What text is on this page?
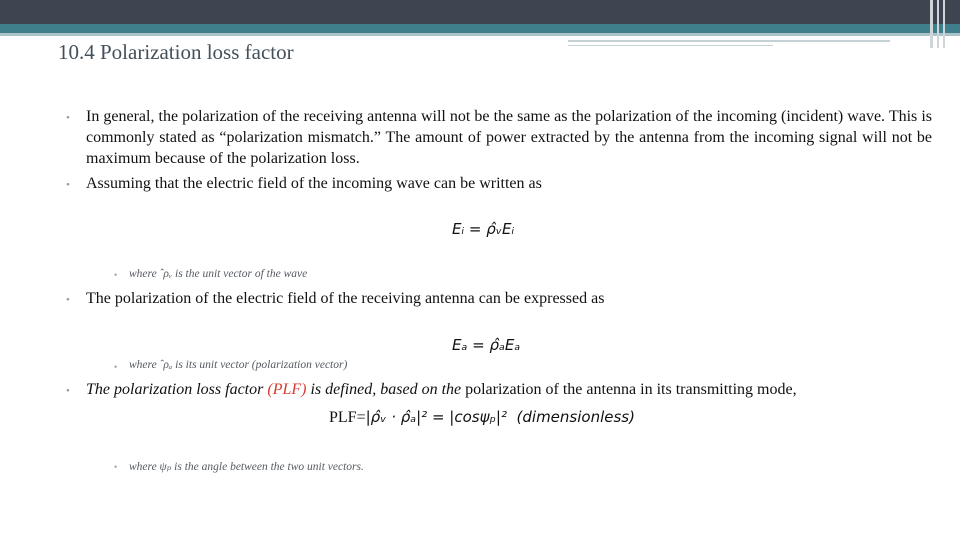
10.4 Polarization loss factor
• In general, the polarization of the receiving antenna will not be the same as the polarization of the incoming (incident) wave. This is commonly stated as “polarization mismatch.” The amount of power extracted by the antenna from the incoming signal will not be maximum because of the polarization loss.

• Assuming that the electric field of the incoming wave can be written as

Eᵢ = ρ̂ᵥEᵢ
• where ˆρᵥ is the unit vector of the wave
• The polarization of the electric field of the receiving antenna can be expressed as

Eₐ = ρ̂ₐEₐ
• where ˆρₐ is its unit vector (polarization vector)
• The polarization loss factor (PLF) is defined, based on the polarization of the antenna in its transmitting mode,

PLF=|ρ̂ᵥ · ρ̂ₐ|² = |cosψₚ|² (dimensionless)
• where ψₚ is the angle between the two unit vectors.
